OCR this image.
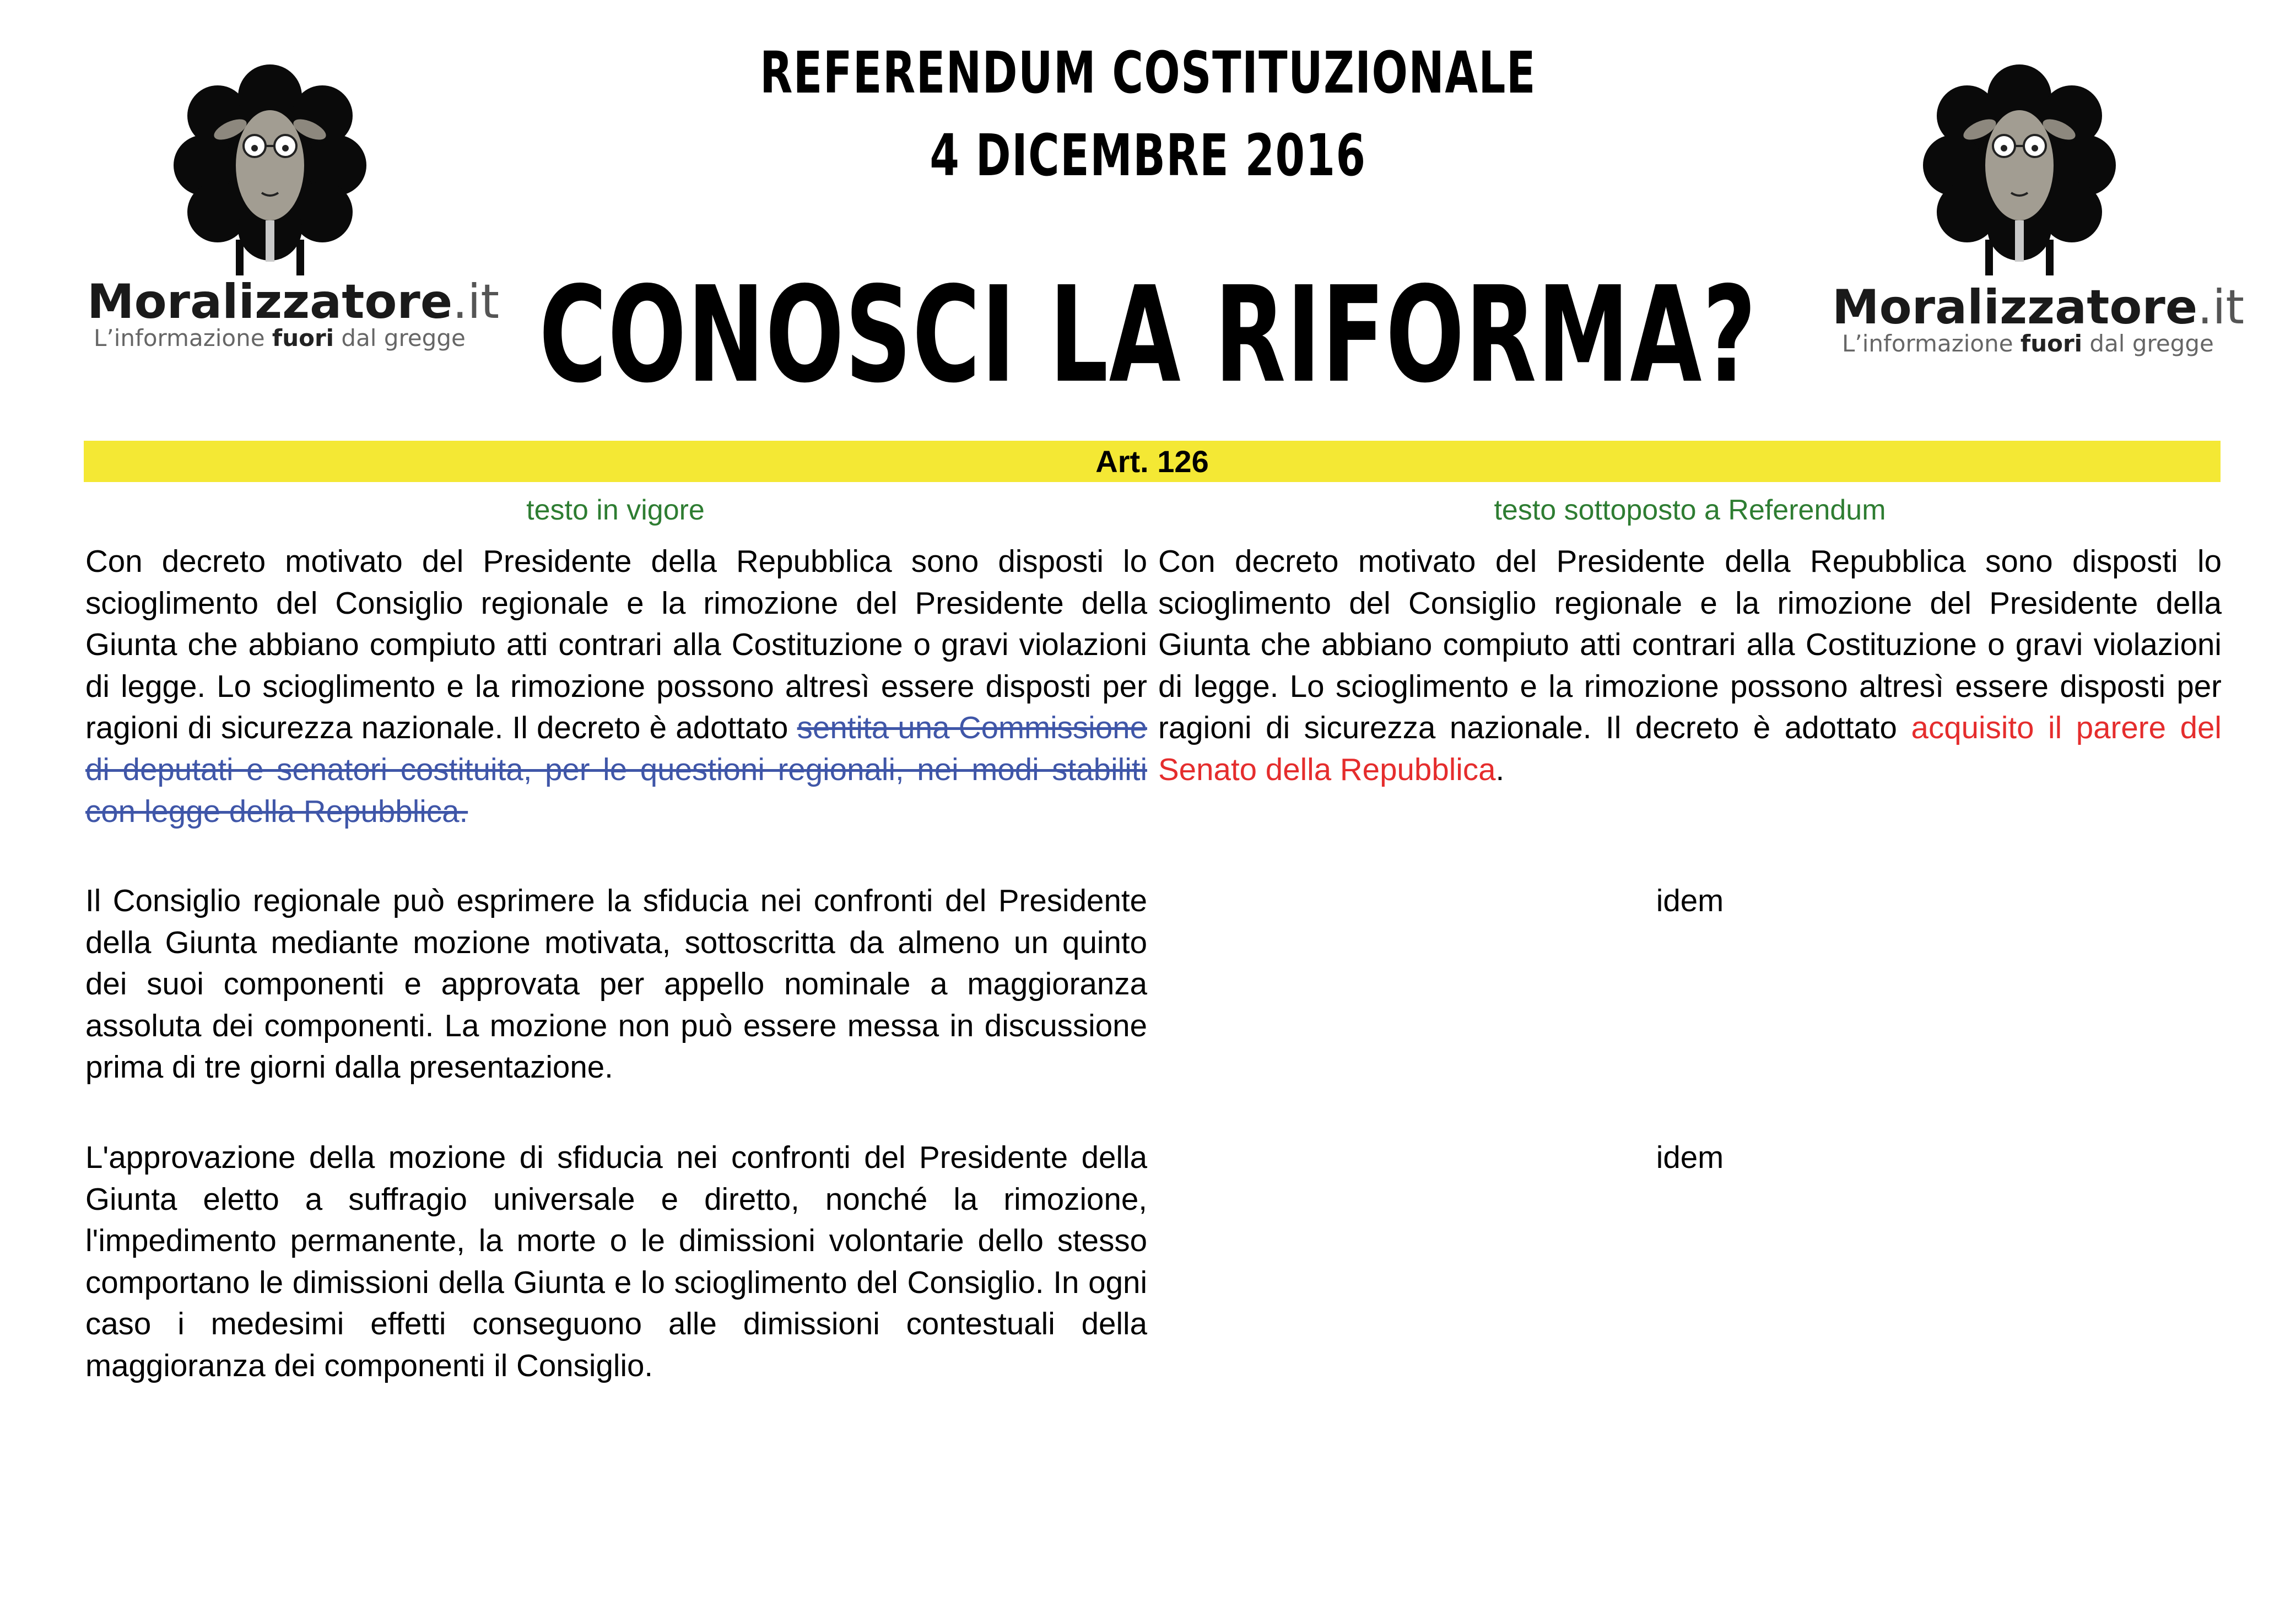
REFERENDUM COSTITUZIONALE
4 DICEMBRE 2016
CONOSCI LA RIFORMA?
Moralizzatore.it
L’informazione fuori dal gregge
Moralizzatore.it
L’informazione fuori dal gregge
Art. 126
testo in vigore	testo sottoposto a Referendum

Con decreto motivato del Presidente della Repubblica sono disposti lo scioglimento del Consiglio regionale e la rimozione del Presidente della Giunta che abbiano compiuto atti contrari alla Costituzione o gravi violazioni di legge. Lo scioglimento e la rimozione possono altresì essere disposti per ragioni di sicurezza nazionale. Il decreto è adottato sentita una Commissione di deputati e senatori costituita, per le questioni regionali, nei modi stabiliti con legge della Repubblica.

Con decreto motivato del Presidente della Repubblica sono disposti lo scioglimento del Consiglio regionale e la rimozione del Presidente della Giunta che abbiano compiuto atti contrari alla Costituzione o gravi violazioni di legge. Lo scioglimento e la rimozione possono altresì essere disposti per ragioni di sicurezza nazionale. Il decreto è adottato acquisito il parere del Senato della Repubblica.

Il Consiglio regionale può esprimere la sfiducia nei confronti del Presidente della Giunta mediante mozione motivata, sottoscritta da almeno un quinto dei suoi componenti e approvata per appello nominale a maggioranza assoluta dei componenti. La mozione non può essere messa in discussione prima di tre giorni dalla presentazione.

idem

L'approvazione della mozione di sfiducia nei confronti del Presidente della Giunta eletto a suffragio universale e diretto, nonché la rimozione, l'impedimento permanente, la morte o le dimissioni volontarie dello stesso comportano le dimissioni della Giunta e lo scioglimento del Consiglio. In ogni caso i medesimi effetti conseguono alle dimissioni contestuali della maggioranza dei componenti il Consiglio.

idem
